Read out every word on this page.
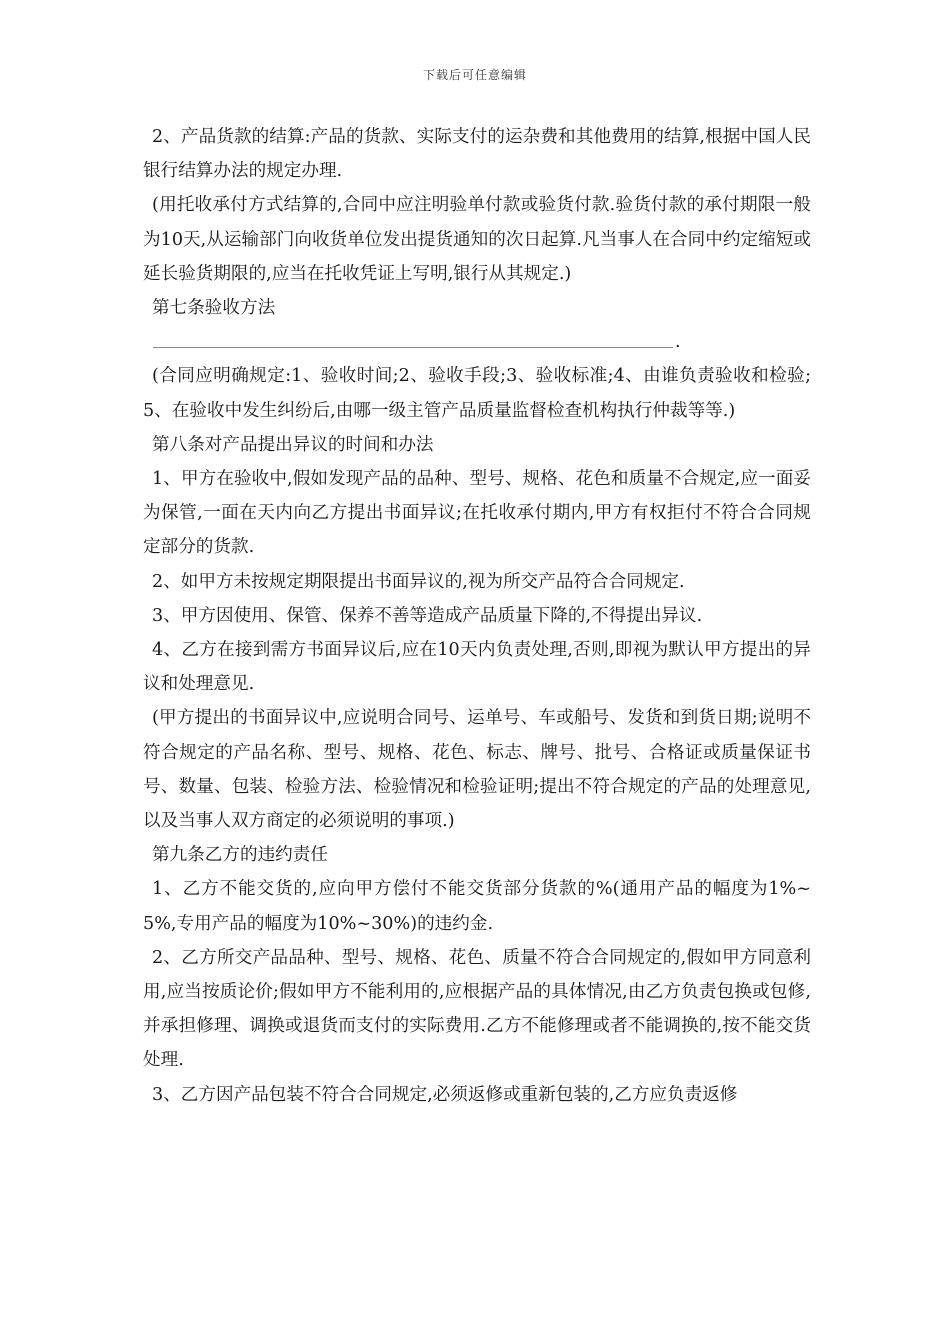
下载后可任意编辑

2、产品货款的结算:产品的货款、实际支付的运杂费和其他费用的结算,根据中国人民银行结算办法的规定办理.

(用托收承付方式结算的,合同中应注明验单付款或验货付款.验货付款的承付期限一般为10天,从运输部门向收货单位发出提货通知的次日起算.凡当事人在合同中约定缩短或延长验货期限的,应当在托收凭证上写明,银行从其规定.)

第七条验收方法

.

(合同应明确规定:1、验收时间;2、验收手段;3、验收标准;4、由谁负责验收和检验;5、在验收中发生纠纷后,由哪一级主管产品质量监督检查机构执行仲裁等等.)

第八条对产品提出异议的时间和办法

1、甲方在验收中,假如发现产品的品种、型号、规格、花色和质量不合规定,应一面妥为保管,一面在天内向乙方提出书面异议;在托收承付期内,甲方有权拒付不符合合同规定部分的货款.

2、如甲方未按规定期限提出书面异议的,视为所交产品符合合同规定.

3、甲方因使用、保管、保养不善等造成产品质量下降的,不得提出异议.

4、乙方在接到需方书面异议后,应在10天内负责处理,否则,即视为默认甲方提出的异议和处理意见.

(甲方提出的书面异议中,应说明合同号、运单号、车或船号、发货和到货日期;说明不符合规定的产品名称、型号、规格、花色、标志、牌号、批号、合格证或质量保证书号、数量、包装、检验方法、检验情况和检验证明;提出不符合规定的产品的处理意见,以及当事人双方商定的必须说明的事项.)

第九条乙方的违约责任

1、乙方不能交货的,应向甲方偿付不能交货部分货款的%(通用产品的幅度为1%~5%,专用产品的幅度为10%~30%)的违约金.

2、乙方所交产品品种、型号、规格、花色、质量不符合合同规定的,假如甲方同意利用,应当按质论价;假如甲方不能利用的,应根据产品的具体情况,由乙方负责包换或包修,并承担修理、调换或退货而支付的实际费用.乙方不能修理或者不能调换的,按不能交货处理.

3、乙方因产品包装不符合合同规定,必须返修或重新包装的,乙方应负责返修
